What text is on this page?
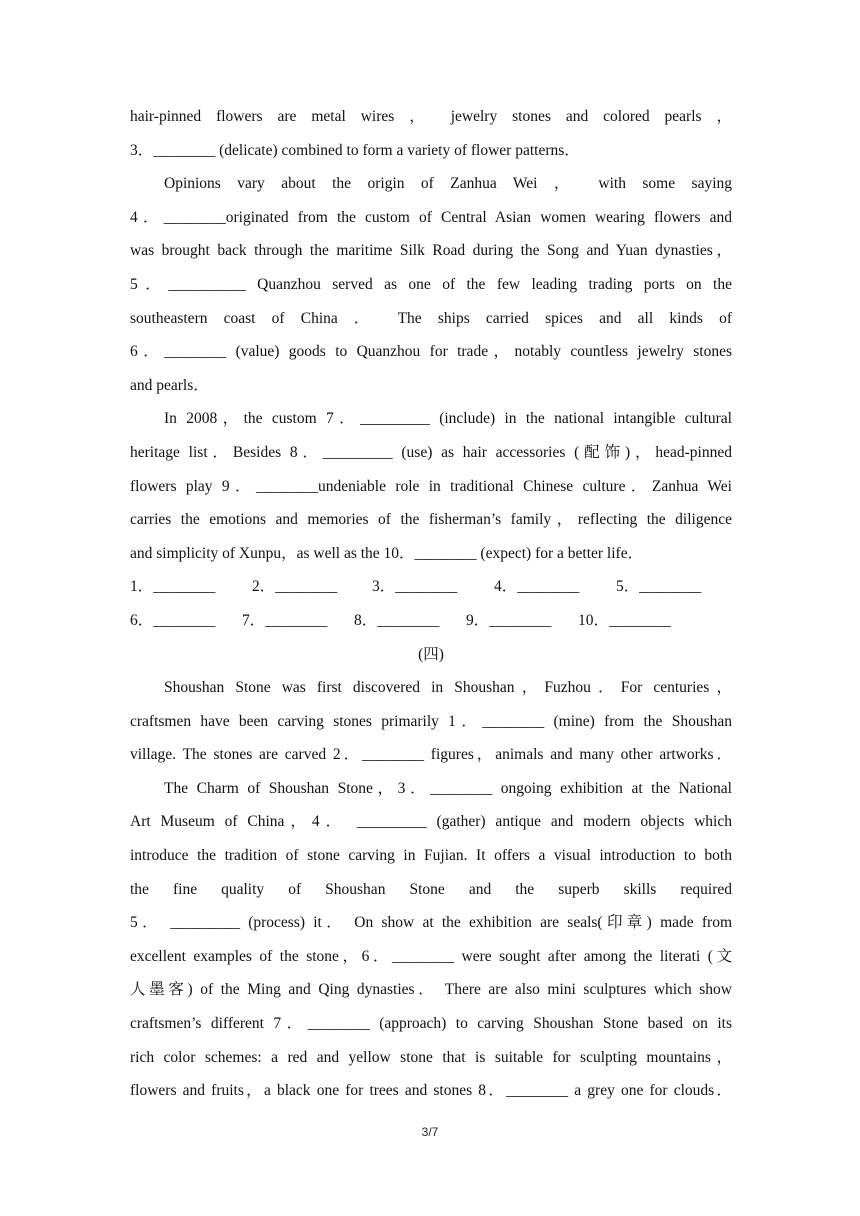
hair-pinned flowers are metal wires ， jewelry stones and colored pearls ，
3．________ (delicate) combined to form a variety of flower patterns．
Opinions vary about the origin of Zanhua Wei ， with some saying
4．________originated from the custom of Central Asian women wearing flowers and
was brought back through the maritime Silk Road during the Song and Yuan dynasties，
5．__________ Quanzhou served as one of the few leading trading ports on the
southeastern coast of China ． The ships carried spices and all kinds of
6．________ (value) goods to Quanzhou for trade，notably countless jewelry stones
and pearls．
In 2008，the custom 7．_________ (include) in the national intangible cultural
heritage list．Besides 8．_________ (use) as hair accessories (配饰)，head-pinned
flowers play 9．________undeniable role in traditional Chinese culture．Zanhua Wei
carries the emotions and memories of the fisherman’s family，reflecting the diligence
and simplicity of Xunpu，as well as the 10．________ (expect) for a better life．
1．________ 2．________ 3．________ 4．________ 5．________
6．________ 7．________ 8．________ 9．________ 10．________
(四)
Shoushan Stone was first discovered in Shoushan，Fuzhou．For centuries，
craftsmen have been carving stones primarily 1．________ (mine) from the Shoushan
village. The stones are carved 2．________ figures，animals and many other artworks．
The Charm of Shoushan Stone，3．________ ongoing exhibition at the National
Art Museum of China，4． _________ (gather) antique and modern objects which
introduce the tradition of stone carving in Fujian. It offers a visual introduction to both
the fine quality of Shoushan Stone and the superb skills required
5． _________ (process) it． On show at the exhibition are seals(印章) made from
excellent examples of the stone，6．________ were sought after among the literati (文
人墨客) of the Ming and Qing dynasties． There are also mini sculptures which show
craftsmen’s different 7．________ (approach) to carving Shoushan Stone based on its
rich color schemes: a red and yellow stone that is suitable for sculpting mountains，
flowers and fruits，a black one for trees and stones 8．________ a grey one for clouds．
3/7
